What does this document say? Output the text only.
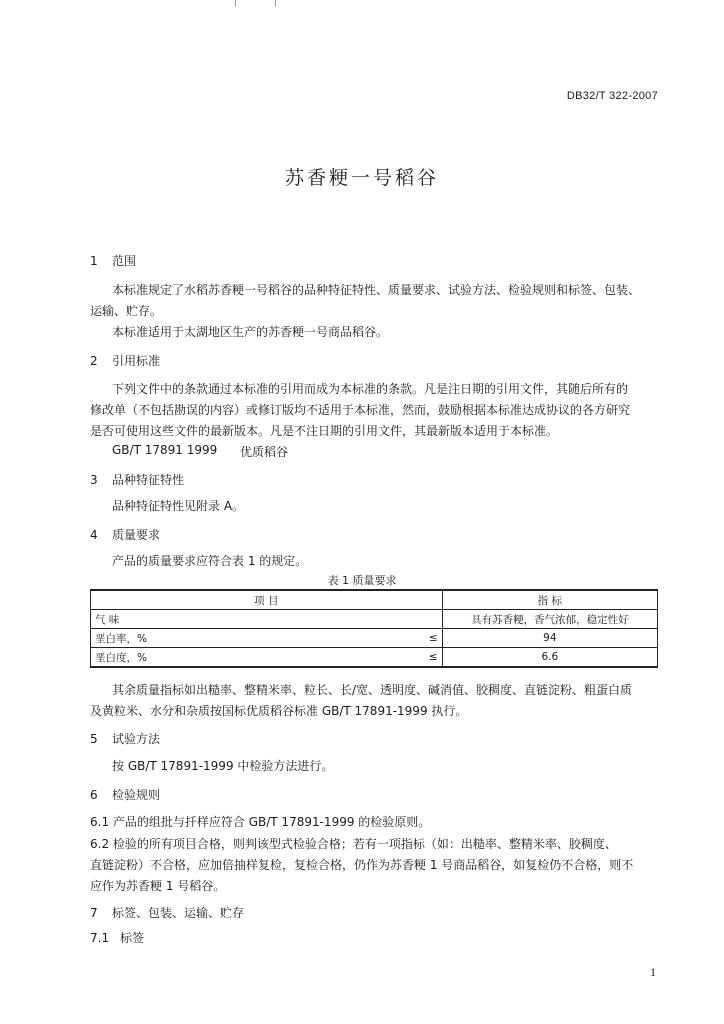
DB32/T 322-2007
苏香粳一号稻谷
1 范围
本标准规定了水稻苏香粳一号稻谷的品种特征特性、质量要求、试验方法、检验规则和标签、包装、
运输、贮存。
本标准适用于太湖地区生产的苏香粳一号商品稻谷。
2 引用标准
下列文件中的条款通过本标准的引用而成为本标准的条款。凡是注日期的引用文件，其随后所有的
修改单（不包括勘误的内容）或修订版均不适用于本标准，然而，鼓励根据本标准达成协议的各方研究
是否可使用这些文件的最新版本。凡是不注日期的引用文件，其最新版本适用于本标准。
GB/T 17891 1999 优质稻谷
3 品种特征特性
品种特征特性见附录 A。
4 质量要求
产品的质量要求应符合表 1 的规定。
表 1 质量要求
项 目		指 标
气 味		具有苏香粳，香气浓郁，稳定性好
垩白率，%	≤	94
垩白度，%	≤	6.6
其余质量指标如出糙率、整精米率、粒长、长/宽、透明度、碱消值、胶稠度、直链淀粉、粗蛋白质
及黄粒米、水分和杂质按国标优质稻谷标准 GB/T 17891-1999 执行。
5 试验方法
按 GB/T 17891-1999 中检验方法进行。
6 检验规则
6.1 产品的组批与扦样应符合 GB/T 17891-1999 的检验原则。
6.2 检验的所有项目合格，则判该型式检验合格；若有一项指标（如：出糙率、整精米率、胶稠度、
直链淀粉）不合格，应加倍抽样复检，复检合格，仍作为苏香粳 1 号商品稻谷，如复检仍不合格，则不
应作为苏香粳 1 号稻谷。
7 标签、包装、运输、贮存
7.1 标签
1
